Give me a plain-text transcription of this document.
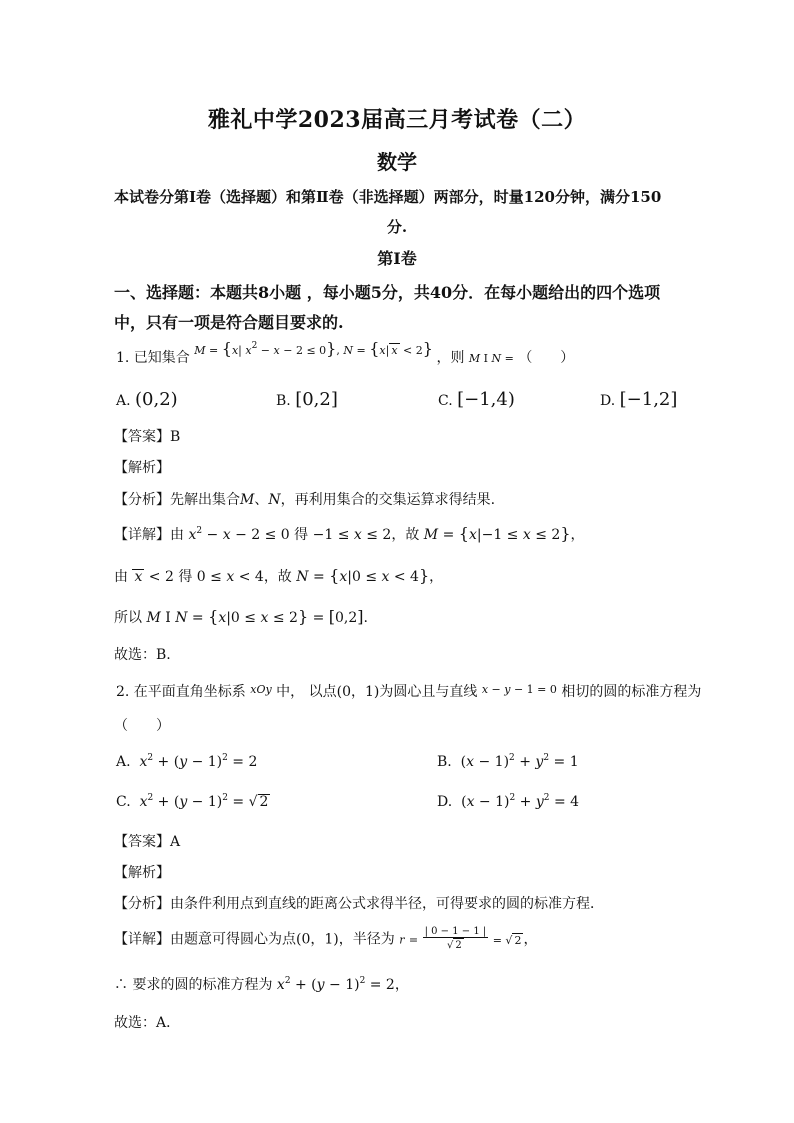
雅礼中学2023届高三月考试卷（二）
数学
本试卷分第Ⅰ卷（选择题）和第Ⅱ卷（非选择题）两部分，时量120分钟，满分150
分.
第Ⅰ卷
一、选择题：本题共8小题 ，每小题5分，共40分．在每小题给出的四个选项
中，只有一项是符合题目要求的.
1. 已知集合 $^{M = \{x| x^2 - x - 2 \le 0\}, N = \{x| x < 2\}}$ ，则 M Ι N = （　　）
A. (0,2)	B. [0,2]	C. [−1,4)	D. [−1,2]
【答案】B
【解析】
【分析】先解出集合M、N，再利用集合的交集运算求得结果.
【详解】由 $x^2 - x - 2 \le 0$ 得 −1 ≤ x ≤ 2，故 M = {x|−1 ≤ x ≤ 2}，
由 x < 2 得 0 ≤ x < 4，故 N = {x|0 ≤ x < 4}，
所以 M Ι N = {x|0 ≤ x ≤ 2} = [0,2].
故选：B.
2. 在平面直角坐标系 $^{xOy}$ 中， 以点(0，1)为圆心且与直线 $^{x - y - 1 = 0}$ 相切的圆的标准方程为
（　　）
A. $x^2 + (y - 1)^2 = 2$	B. $(x - 1)^2 + y^2 = 1$
C. $x^2 + (y - 1)^2$ = √ 2	D. $(x - 1)^2 + y^2 = 4$
【答案】A
【解析】
【分析】由条件利用点到直线的距离公式求得半径，可得要求的圆的标准方程．
【详解】由题意可得圆心为点(0，1)，半径为 $r = \frac{| 0 - 1 - 1 |}{√ 2}$ = √ 2 ，
∴ 要求的圆的标准方程为 $x^2 + (y - 1)^2 = 2$，
故选：A．
